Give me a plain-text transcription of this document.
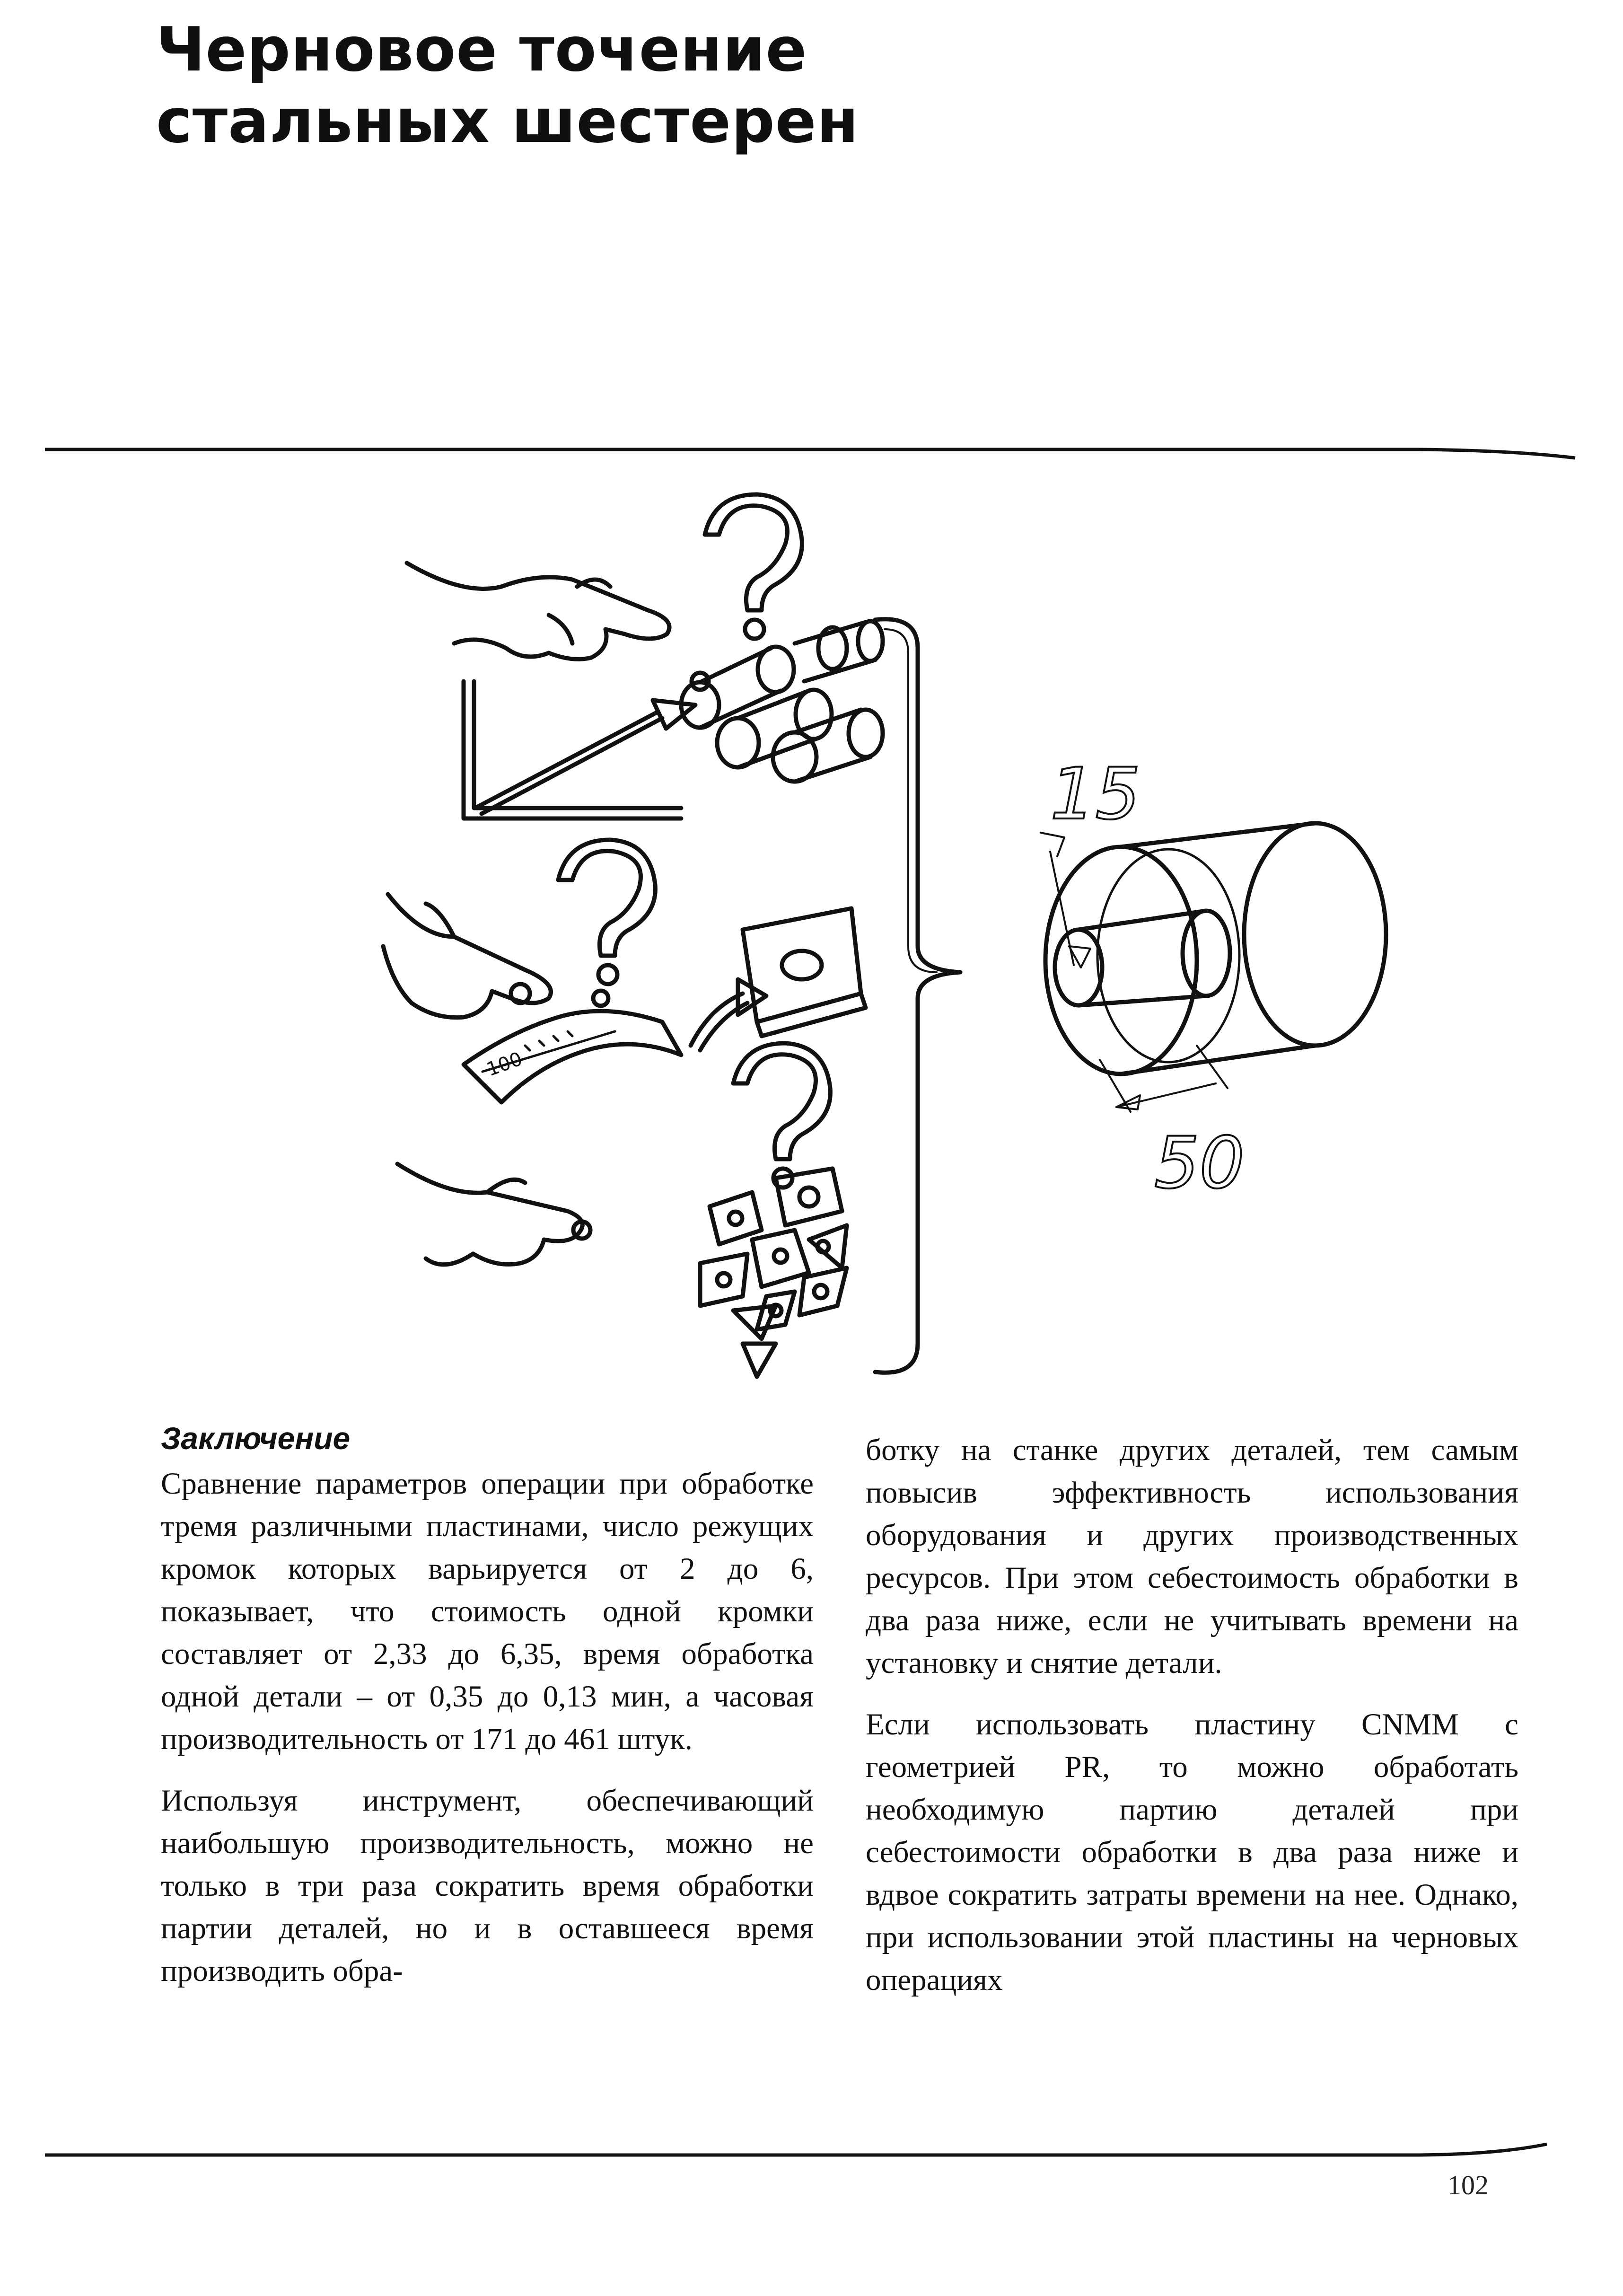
Черновое точение
стальных шестерен
15
50
100
Заключение

Сравнение параметров операции при обработке тремя различными пластинами, число режущих кромок которых варьируется от 2 до 6, показывает, что стоимость одной кромки составляет от 2,33 до 6,35, время обработка одной детали – от 0,35 до 0,13 мин, а часовая производительность от 171 до 461 штук.

Используя инструмент, обеспечивающий наибольшую производительность, можно не только в три раза сократить время обработки партии деталей, но и в оставшееся время производить обра-

ботку на станке других деталей, тем самым повысив эффективность использования оборудования и других производственных ресурсов. При этом себестоимость обработки в два раза ниже, если не учитывать времени на установку и снятие детали.

Если использовать пластину CNMM с геометрией PR, то можно обработать необходимую партию деталей при себестоимости обработки в два раза ниже и вдвое сократить затраты времени на нее. Однако, при использовании этой пластины на черновых операциях

102
